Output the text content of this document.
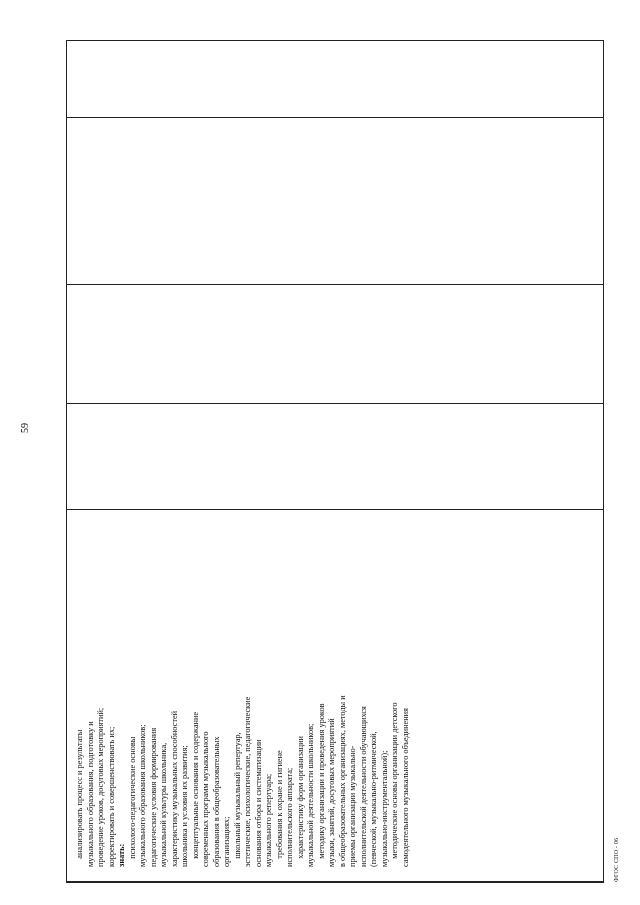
59
анализировать процесс и результаты музыкального образования, подготовку и проведение уроков, досуговых мероприятий; корректировать и совершенствовать их; знать: психолого-педагогические основы музыкального образования школьников; педагогические условия формирования музыкальной культуры школьника, характеристику музыкальных способностей школьника и условия их развития; концептуальные основания и содержание современных программ музыкального образования в общеобразовательных организациях; школьный музыкальный репертуар, эстетические, психологические, педагогические основания отбора и систематизации музыкального репертуара; требования к охране и гигиене исполнительского аппарата; характеристику форм организации музыкальной деятельности школьников; методику организации и проведения уроков музыки, занятий, досуговых мероприятий в общеобразовательных организациях, методы и приемы организации музыкально- исполнительской деятельности обучающихся (певческой, музыкально-ритмической, музыкально-инструментальной); методические основы организации детского самодеятельного музыкального объединения	ФГОС СПО - 06
